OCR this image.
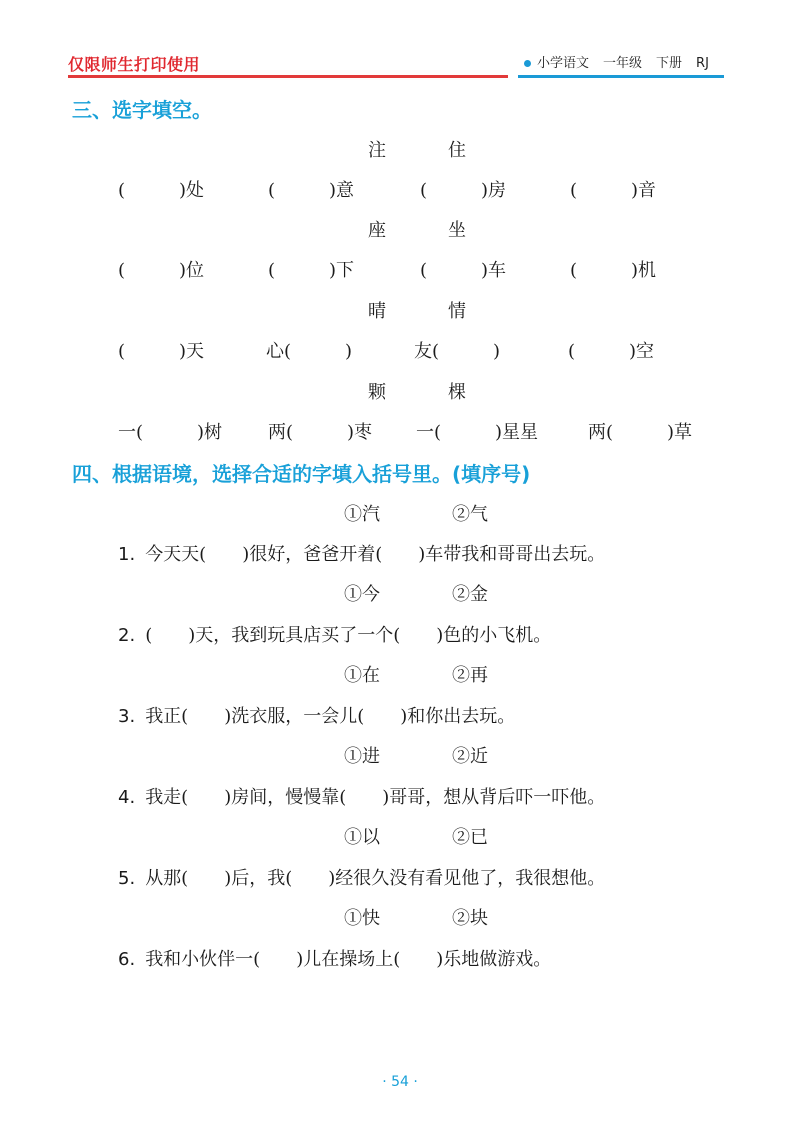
仅限师生打印使用	小学语文 一年级 下册 RJ
三、选字填空。
注	住
(　　　)处	(　　　)意	(　　　)房	(　　　)音
座	坐
(　　　)位	(　　　)下	(　　　)车	(　　　)机
晴	情
(　　　)天	心(　　　)	友(　　　)	(　　　)空
颗	棵
一(　　　)树	两(　　　)枣 一(　　　)星星	两(　　　)草
四、根据语境，选择合适的字填入括号里。(填序号)
①汽	②气
1. 今天天(　　)很好，爸爸开着(　　)车带我和哥哥出去玩。
①今	②金
2. (　　)天，我到玩具店买了一个(　　)色的小飞机。
①在	②再
3. 我正(　　)洗衣服，一会儿(　　)和你出去玩。
①进	②近
4. 我走(　　)房间，慢慢靠(　　)哥哥，想从背后吓一吓他。
①以	②已
5. 从那(　　)后，我(　　)经很久没有看见他了，我很想他。
①快	②块
6. 我和小伙伴一(　　)儿在操场上(　　)乐地做游戏。
· 54 ·
